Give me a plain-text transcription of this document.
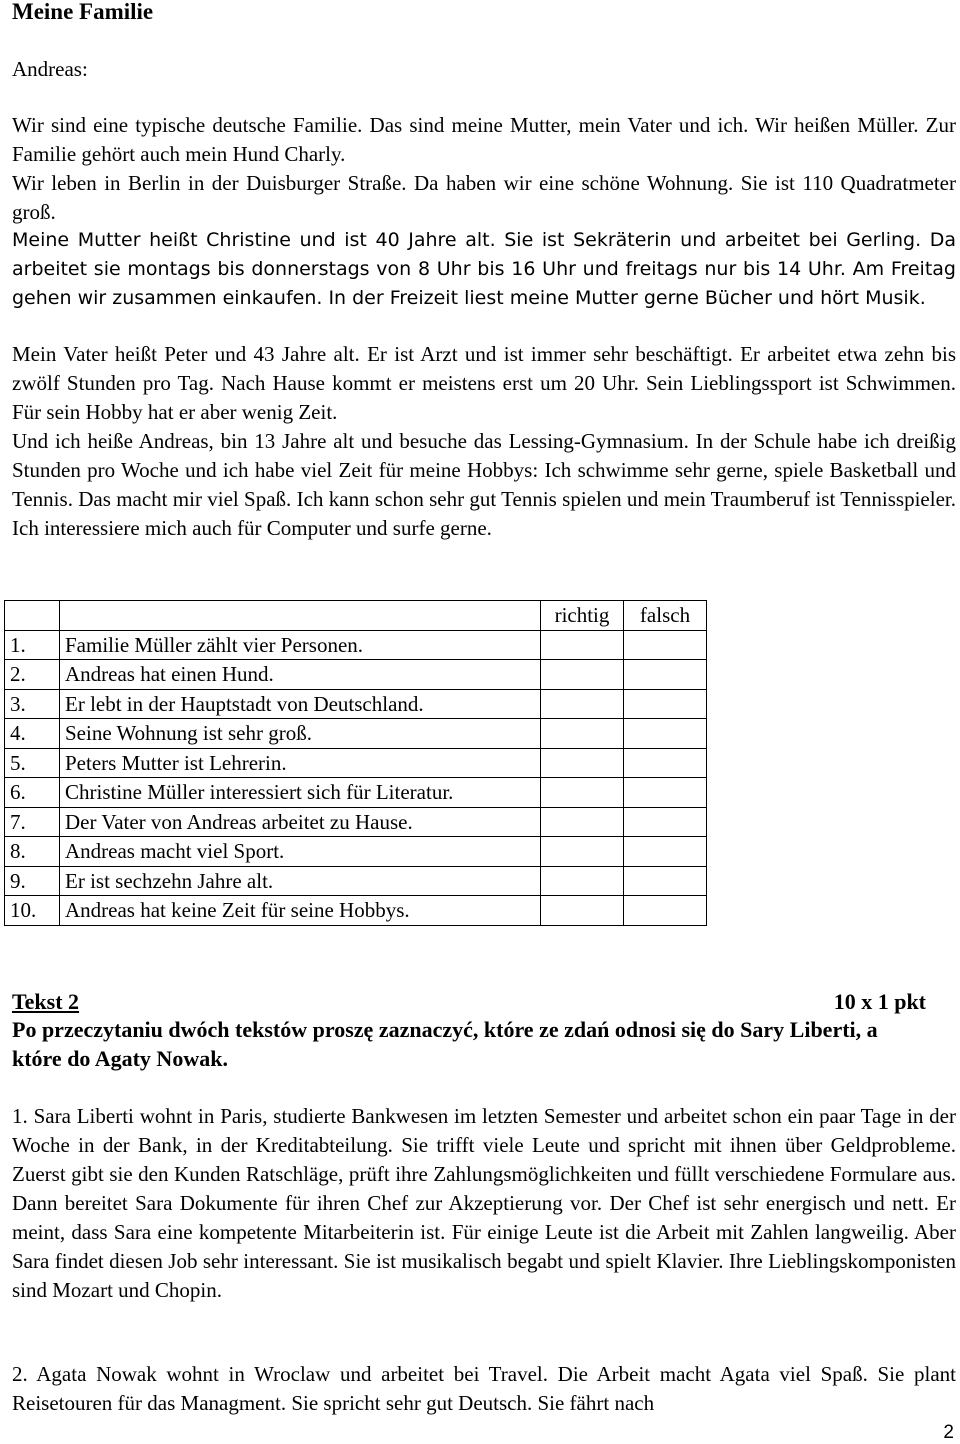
Meine Familie
Andreas:

Wir sind eine typische deutsche Familie. Das sind meine Mutter, mein Vater und ich. Wir heißen Müller. Zur Familie gehört auch mein Hund Charly.

Wir leben in Berlin in der Duisburger Straße. Da haben wir eine schöne Wohnung. Sie ist 110 Quadratmeter groß.

Meine Mutter heißt Christine und ist 40 Jahre alt. Sie ist Sekräterin und arbeitet bei Gerling. Da arbeitet sie montags bis donnerstags von 8 Uhr bis 16 Uhr und freitags nur bis 14 Uhr. Am Freitag gehen wir zusammen einkaufen. In der Freizeit liest meine Mutter gerne Bücher und hört Musik.

Mein Vater heißt Peter und 43 Jahre alt. Er ist Arzt und ist immer sehr beschäftigt. Er arbeitet etwa zehn bis zwölf Stunden pro Tag. Nach Hause kommt er meistens erst um 20 Uhr. Sein Lieblingssport ist Schwimmen. Für sein Hobby hat er aber wenig Zeit.

Und ich heiße Andreas, bin 13 Jahre alt und besuche das Lessing-Gymnasium. In der Schule habe ich dreißig Stunden pro Woche und ich habe viel Zeit für meine Hobbys: Ich schwimme sehr gerne, spiele Basketball und Tennis. Das macht mir viel Spaß. Ich kann schon sehr gut Tennis spielen und mein Traumberuf ist Tennisspieler. Ich interessiere mich auch für Computer und surfe gerne.

		richtig	falsch
1.	Familie Müller zählt vier Personen.		
2.	Andreas hat einen Hund.		
3.	Er lebt in der Hauptstadt von Deutschland.		
4.	Seine Wohnung ist sehr groß.		
5.	Peters Mutter ist Lehrerin.		
6.	Christine Müller interessiert sich für Literatur.		
7.	Der Vater von Andreas arbeitet zu Hause.		
8.	Andreas macht viel Sport.		
9.	Er ist sechzehn Jahre alt.		
10.	Andreas hat keine Zeit für seine Hobbys.		
Tekst 2	10 x 1 pkt

Po przeczytaniu dwóch tekstów proszę zaznaczyć, które ze zdań odnosi się do Sary Liberti, a które do Agaty Nowak.

1. Sara Liberti wohnt in Paris, studierte Bankwesen im letzten Semester und arbeitet schon ein paar Tage in der Woche in der Bank, in der Kreditabteilung. Sie trifft viele Leute und spricht mit ihnen über Geldprobleme. Zuerst gibt sie den Kunden Ratschläge, prüft ihre Zahlungsmöglichkeiten und füllt verschiedene Formulare aus. Dann bereitet Sara Dokumente für ihren Chef zur Akzeptierung vor. Der Chef ist sehr energisch und nett. Er meint, dass Sara eine kompetente Mitarbeiterin ist. Für einige Leute ist die Arbeit mit Zahlen langweilig. Aber Sara findet diesen Job sehr interessant. Sie ist musikalisch begabt und spielt Klavier. Ihre Lieblingskomponisten sind Mozart und Chopin.

2. Agata Nowak wohnt in Wroclaw und arbeitet bei Travel. Die Arbeit macht Agata viel Spaß. Sie plant Reisetouren für das Managment. Sie spricht sehr gut Deutsch. Sie fährt nach

2
